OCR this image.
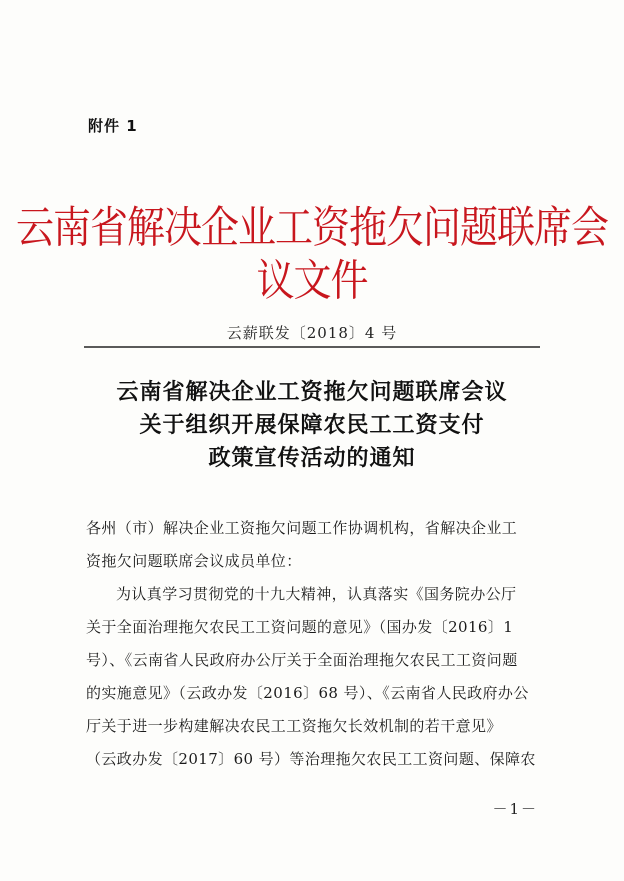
附件 1
云南省解决企业工资拖欠问题联席会议文件
云薪联发〔2018〕4 号
云南省解决企业工资拖欠问题联席会议
关于组织开展保障农民工工资支付
政策宣传活动的通知
各州（市）解决企业工资拖欠问题工作协调机构，省解决企业工
资拖欠问题联席会议成员单位：
为认真学习贯彻党的十九大精神，认真落实《国务院办公厅
关于全面治理拖欠农民工工资问题的意见》（国办发〔2016〕1
号）、《云南省人民政府办公厅关于全面治理拖欠农民工工资问题
的实施意见》（云政办发〔2016〕68 号）、《云南省人民政府办公
厅关于进一步构建解决农民工工资拖欠长效机制的若干意见》
（云政办发〔2017〕60 号）等治理拖欠农民工工资问题、保障农
－1－
